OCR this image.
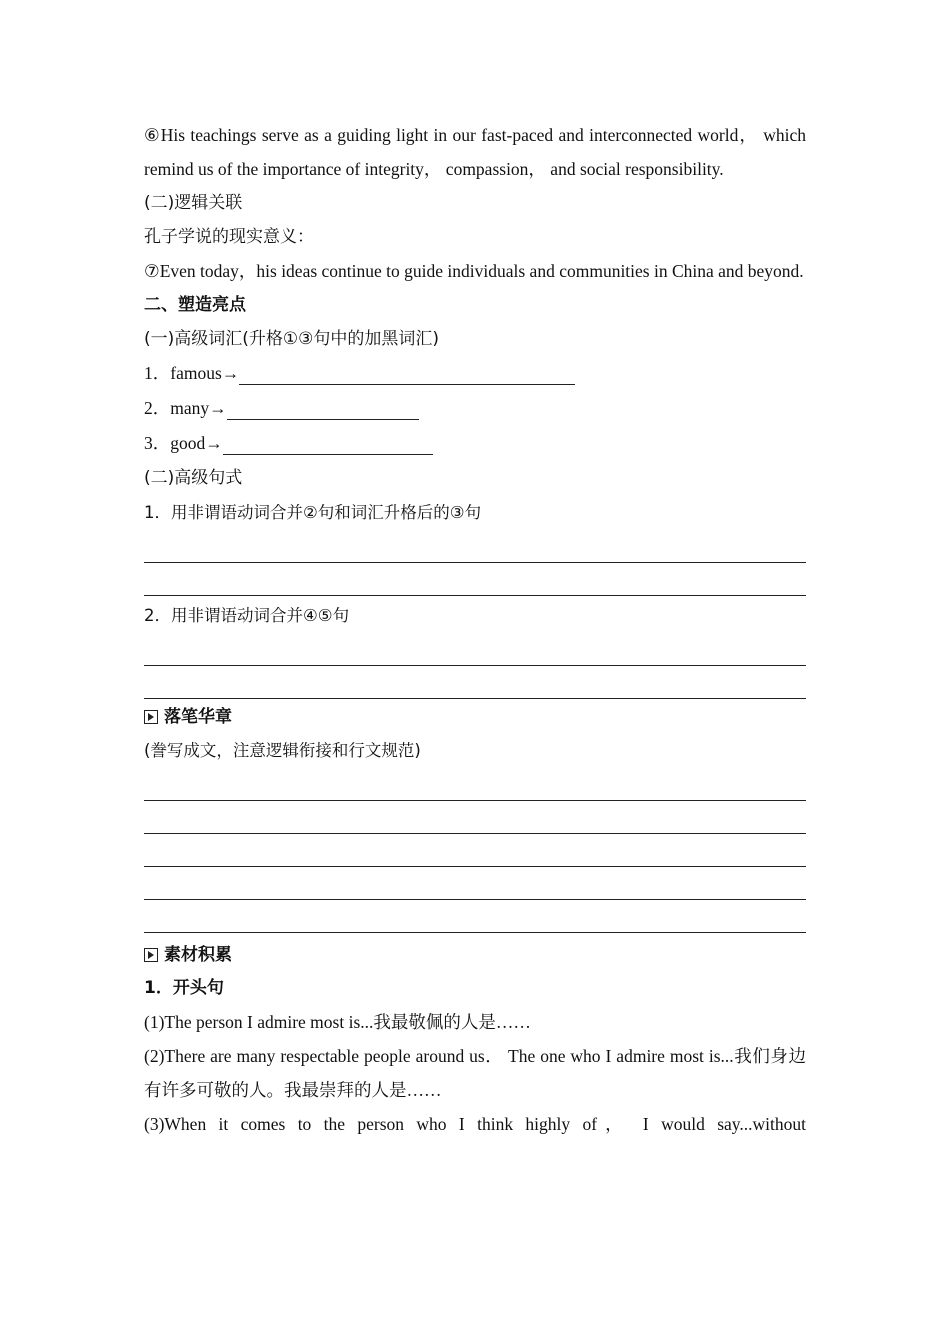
⑥His teachings serve as a guiding light in our fast-paced and interconnected world， which remind us of the importance of integrity， compassion， and social responsibility.
(二)逻辑关联
孔子学说的现实意义：
⑦Even today，his ideas continue to guide individuals and communities in China and beyond.
二、塑造亮点
(一)高级词汇(升格①③句中的加黑词汇)
1．famous→
2．many→
3．good→
(二)高级句式
1．用非谓语动词合并②句和词汇升格后的③句
2．用非谓语动词合并④⑤句
落笔华章
(誊写成文，注意逻辑衔接和行文规范)
素材积累
1．开头句
(1)The person I admire most is...我最敬佩的人是……
(2)There are many respectable people around us． The one who I admire most is...我们身边有许多可敬的人。我最崇拜的人是……
(3)When it comes to the person who I think highly of， I would say...without
